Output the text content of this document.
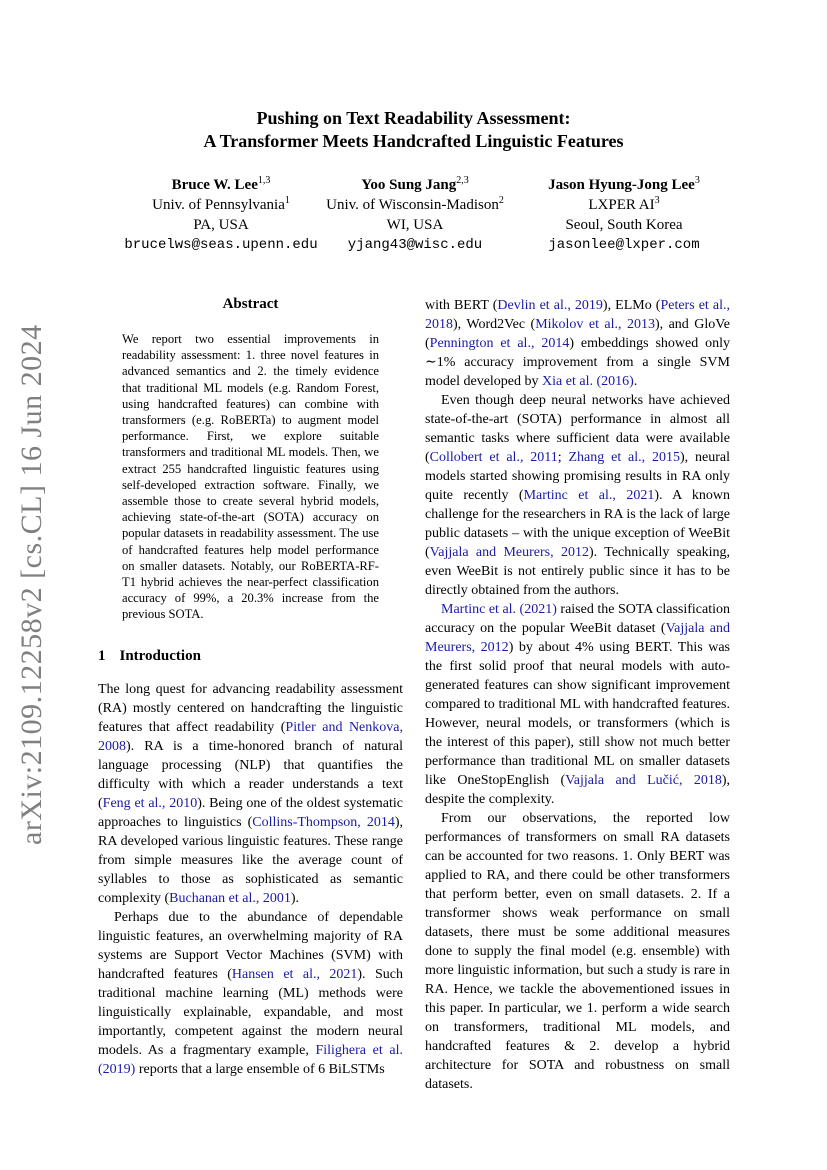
arXiv:2109.12258v2 [cs.CL] 16 Jun 2024
Pushing on Text Readability Assessment:
A Transformer Meets Handcrafted Linguistic Features
Bruce W. Lee$^{1,3}$
Univ. of Pennsylvania$^1$
PA, USA
brucelws@seas.upenn.edu
Yoo Sung Jang$^{2,3}$
Univ. of Wisconsin-Madison$^2$
WI, USA
yjang43@wisc.edu
Jason Hyung-Jong Lee$^3$
LXPER $AI^3$
Seoul, South Korea
jasonlee@lxper.com
Abstract
We report two essential improvements in readability assessment: 1. three novel features in advanced semantics and 2. the timely evidence that traditional ML models (e.g. Random Forest, using handcrafted features) can combine with transformers (e.g. RoBERTa) to augment model performance. First, we explore suitable transformers and traditional ML models. Then, we extract 255 handcrafted linguistic features using self-developed extraction software. Finally, we assemble those to create several hybrid models, achieving state-of-the-art (SOTA) accuracy on popular datasets in readability assessment. The use of handcrafted features help model performance on smaller datasets. Notably, our RoBERTA-RF-T1 hybrid achieves the near-perfect classification accuracy of 99%, a 20.3% increase from the previous SOTA.
1 Introduction

The long quest for advancing readability assessment (RA) mostly centered on handcrafting the linguistic features that affect readability (Pitler and Nenkova, 2008). RA is a time-honored branch of natural language processing (NLP) that quantifies the difficulty with which a reader understands a text (Feng et al., 2010). Being one of the oldest systematic approaches to linguistics (Collins-Thompson, 2014), RA developed various linguistic features. These range from simple measures like the average count of syllables to those as sophisticated as semantic complexity (Buchanan et al., 2001).

Perhaps due to the abundance of dependable linguistic features, an overwhelming majority of RA systems are Support Vector Machines (SVM) with handcrafted features (Hansen et al., 2021). Such traditional machine learning (ML) methods were linguistically explainable, expandable, and most importantly, competent against the modern neural models. As a fragmentary example, Filighera et al. (2019) reports that a large ensemble of 6 BiLSTMs

with BERT (Devlin et al., 2019), ELMo (Peters et al., 2018), Word2Vec (Mikolov et al., 2013), and GloVe (Pennington et al., 2014) embeddings showed only ∼1% accuracy improvement from a single SVM model developed by Xia et al. (2016).

Even though deep neural networks have achieved state-of-the-art (SOTA) performance in almost all semantic tasks where sufficient data were available (Collobert et al., 2011; Zhang et al., 2015), neural models started showing promising results in RA only quite recently (Martinc et al., 2021). A known challenge for the researchers in RA is the lack of large public datasets – with the unique exception of WeeBit (Vajjala and Meurers, 2012). Technically speaking, even WeeBit is not entirely public since it has to be directly obtained from the authors.

Martinc et al. (2021) raised the SOTA classification accuracy on the popular WeeBit dataset (Vajjala and Meurers, 2012) by about 4% using BERT. This was the first solid proof that neural models with auto-generated features can show significant improvement compared to traditional ML with handcrafted features. However, neural models, or transformers (which is the interest of this paper), still show not much better performance than traditional ML on smaller datasets like OneStopEnglish (Vajjala and Lučić, 2018), despite the complexity.

From our observations, the reported low performances of transformers on small RA datasets can be accounted for two reasons. 1. Only BERT was applied to RA, and there could be other transformers that perform better, even on small datasets. 2. If a transformer shows weak performance on small datasets, there must be some additional measures done to supply the final model (e.g. ensemble) with more linguistic information, but such a study is rare in RA. Hence, we tackle the abovementioned issues in this paper. In particular, we 1. perform a wide search on transformers, traditional ML models, and handcrafted features & 2. develop a hybrid architecture for SOTA and robustness on small datasets.
